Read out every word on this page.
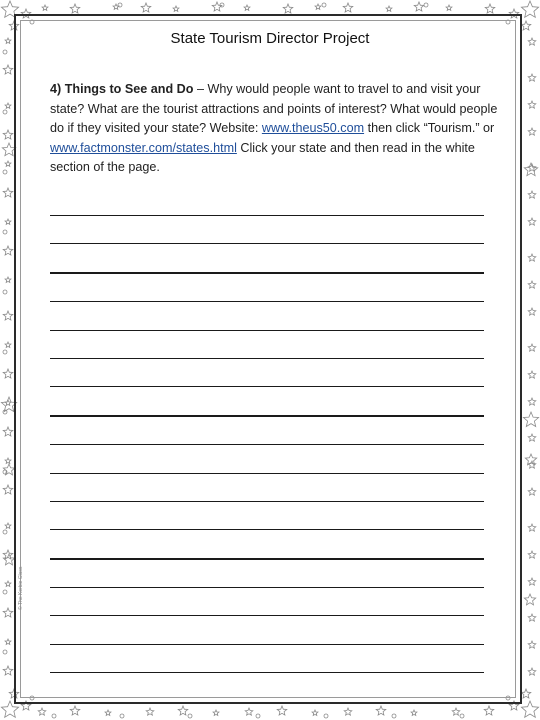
State Tourism Director Project
4) Things to See and Do – Why would people want to travel to and visit your state? What are the tourist attractions and points of interest? What would people do if they visited your state? Website: www.theus50.com then click “Tourism.” or www.factmonster.com/states.html Click your state and then read in the white section of the page.
© The Kerbie Class
